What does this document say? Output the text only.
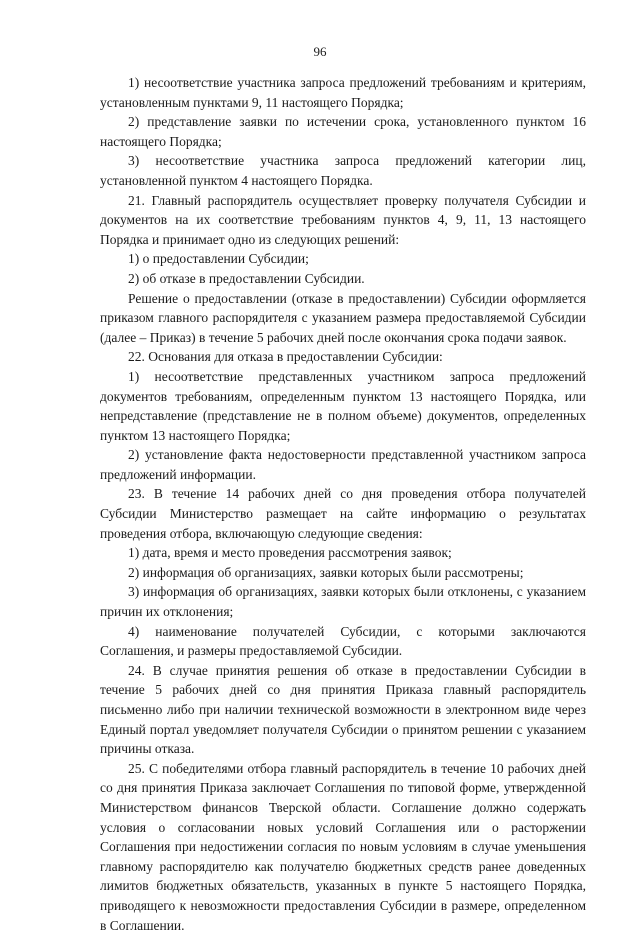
96

1) несоответствие участника запроса предложений требованиям и критериям, установленным пунктами 9, 11 настоящего Порядка;

2) представление заявки по истечении срока, установленного пунктом 16 настоящего Порядка;

3) несоответствие участника запроса предложений категории лиц, установленной пунктом 4 настоящего Порядка.

21. Главный распорядитель осуществляет проверку получателя Субсидии и документов на их соответствие требованиям пунктов 4, 9, 11, 13 настоящего Порядка и принимает одно из следующих решений:

1) о предоставлении Субсидии;

2) об отказе в предоставлении Субсидии.

Решение о предоставлении (отказе в предоставлении) Субсидии оформляется приказом главного распорядителя с указанием размера предоставляемой Субсидии (далее – Приказ) в течение 5 рабочих дней после окончания срока подачи заявок.

22. Основания для отказа в предоставлении Субсидии:

1) несоответствие представленных участником запроса предложений документов требованиям, определенным пунктом 13 настоящего Порядка, или непредставление (представление не в полном объеме) документов, определенных пунктом 13 настоящего Порядка;

2) установление факта недостоверности представленной участником запроса предложений информации.

23. В течение 14 рабочих дней со дня проведения отбора получателей Субсидии Министерство размещает на сайте информацию о результатах проведения отбора, включающую следующие сведения:

1) дата, время и место проведения рассмотрения заявок;

2) информация об организациях, заявки которых были рассмотрены;

3) информация об организациях, заявки которых были отклонены, с указанием причин их отклонения;

4) наименование получателей Субсидии, с которыми заключаются Соглашения, и размеры предоставляемой Субсидии.

24. В случае принятия решения об отказе в предоставлении Субсидии в течение 5 рабочих дней со дня принятия Приказа главный распорядитель письменно либо при наличии технической возможности в электронном виде через Единый портал уведомляет получателя Субсидии о принятом решении с указанием причины отказа.

25. С победителями отбора главный распорядитель в течение 10 рабочих дней со дня принятия Приказа заключает Соглашения по типовой форме, утвержденной Министерством финансов Тверской области. Соглашение должно содержать условия о согласовании новых условий Соглашения или о расторжении Соглашения при недостижении согласия по новым условиям в случае уменьшения главному распорядителю как получателю бюджетных средств ранее доведенных лимитов бюджетных обязательств, указанных в пункте 5 настоящего Порядка, приводящего к невозможности предоставления Субсидии в размере, определенном в Соглашении.
